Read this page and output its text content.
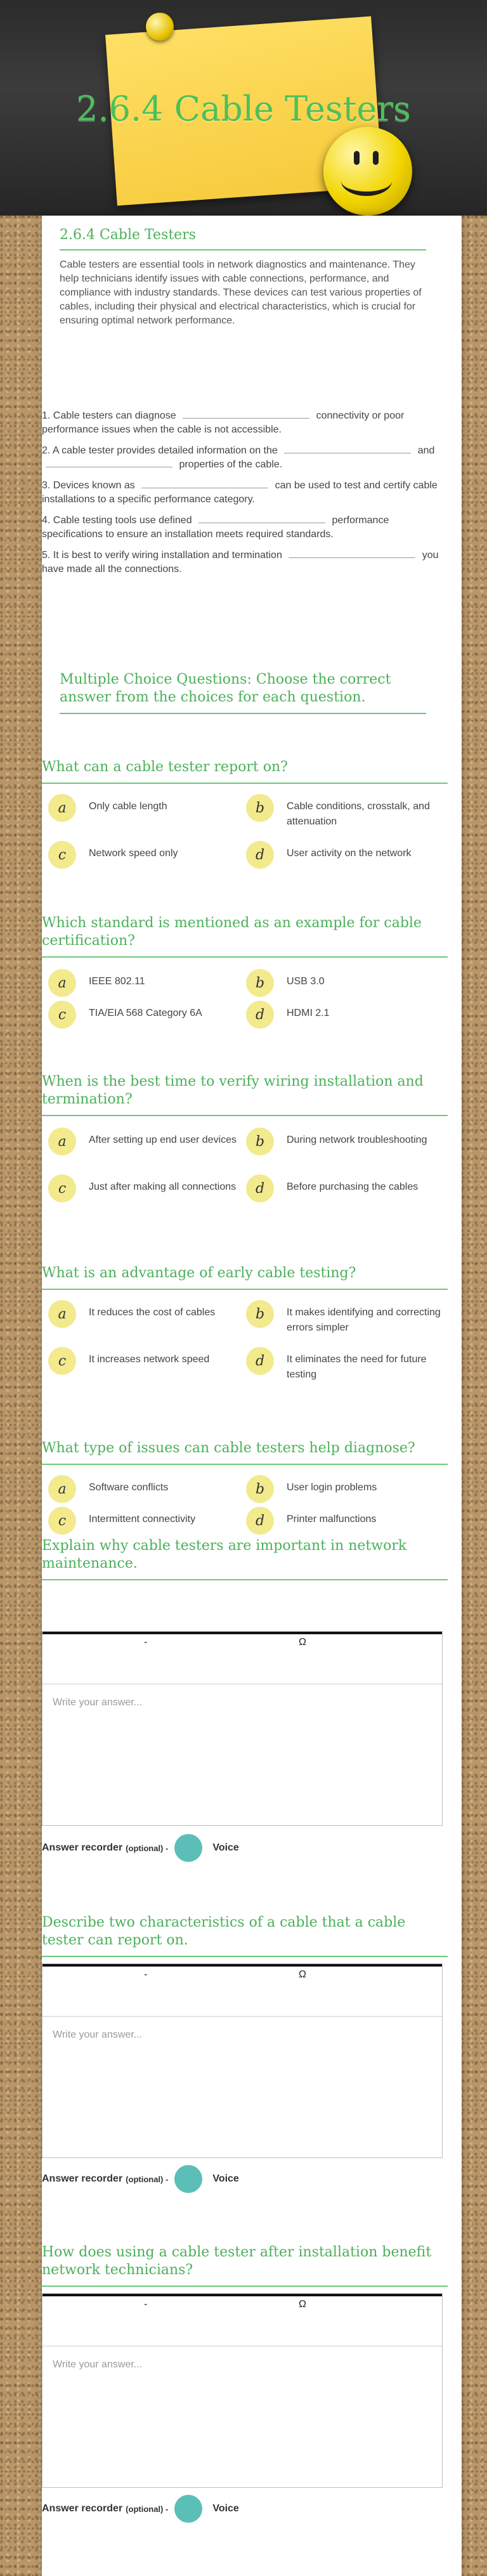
2.6.4 Cable Testers
2.6.4 Cable Testers

Cable testers are essential tools in network diagnostics and maintenance. They help technicians identify issues with cable connections, performance, and compliance with industry standards. These devices can test various properties of cables, including their physical and electrical characteristics, which is crucial for ensuring optimal network performance.

1. Cable testers can diagnose	connectivity or poor performance issues when the cable is not accessible.

2. A cable tester provides detailed information on the	and  properties of the cable.

3. Devices known as	can be used to test and certify cable installations to a specific performance category.

4. Cable testing tools use defined	performance specifications to ensure an installation meets required standards.

5. It is best to verify wiring installation and termination	you have made all the connections.

Multiple Choice Questions: Choose the correct answer from the choices for each question.
What can a cable tester report on?
a	Only cable length	b	Cable conditions, crosstalk, and attenuation
c	Network speed only	d	User activity on the network
Which standard is mentioned as an example for cable certification?
a	IEEE 802.11	b	USB 3.0
c	TIA/EIA 568 Category 6A	d	HDMI 2.1
When is the best time to verify wiring installation and termination?
a	After setting up end user devices	b	During network troubleshooting
c	Just after making all connections	d	Before purchasing the cables
What is an advantage of early cable testing?
a	It reduces the cost of cables	b	It makes identifying and correcting errors simpler
c	It increases network speed	d	It eliminates the need for future testing
What type of issues can cable testers help diagnose?
a	Software conflicts	b	User login problems
c	Intermittent connectivity	d	Printer malfunctions
Explain why cable testers are important in network maintenance.
-	Ω
Write your answer...
Answer recorder (optional) -	Voice
Describe two characteristics of a cable that a cable tester can report on.
-	Ω
Write your answer...
Answer recorder (optional) -	Voice
How does using a cable tester after installation benefit network technicians?
-	Ω
Write your answer...
Answer recorder (optional) -	Voice
